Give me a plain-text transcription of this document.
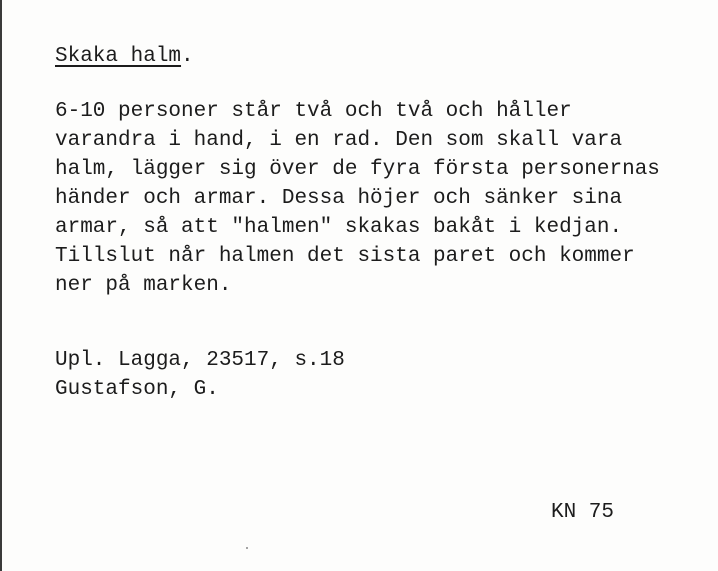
Skaka halm.
6-10 personer står två och två och håller
varandra i hand, i en rad. Den som skall vara
halm, lägger sig över de fyra första personernas
händer och armar. Dessa höjer och sänker sina
armar, så att "halmen" skakas bakåt i kedjan.
Tillslut når halmen det sista paret och kommer
ner på marken.
Upl. Lagga, 23517, s.18
Gustafson, G.
KN 75
